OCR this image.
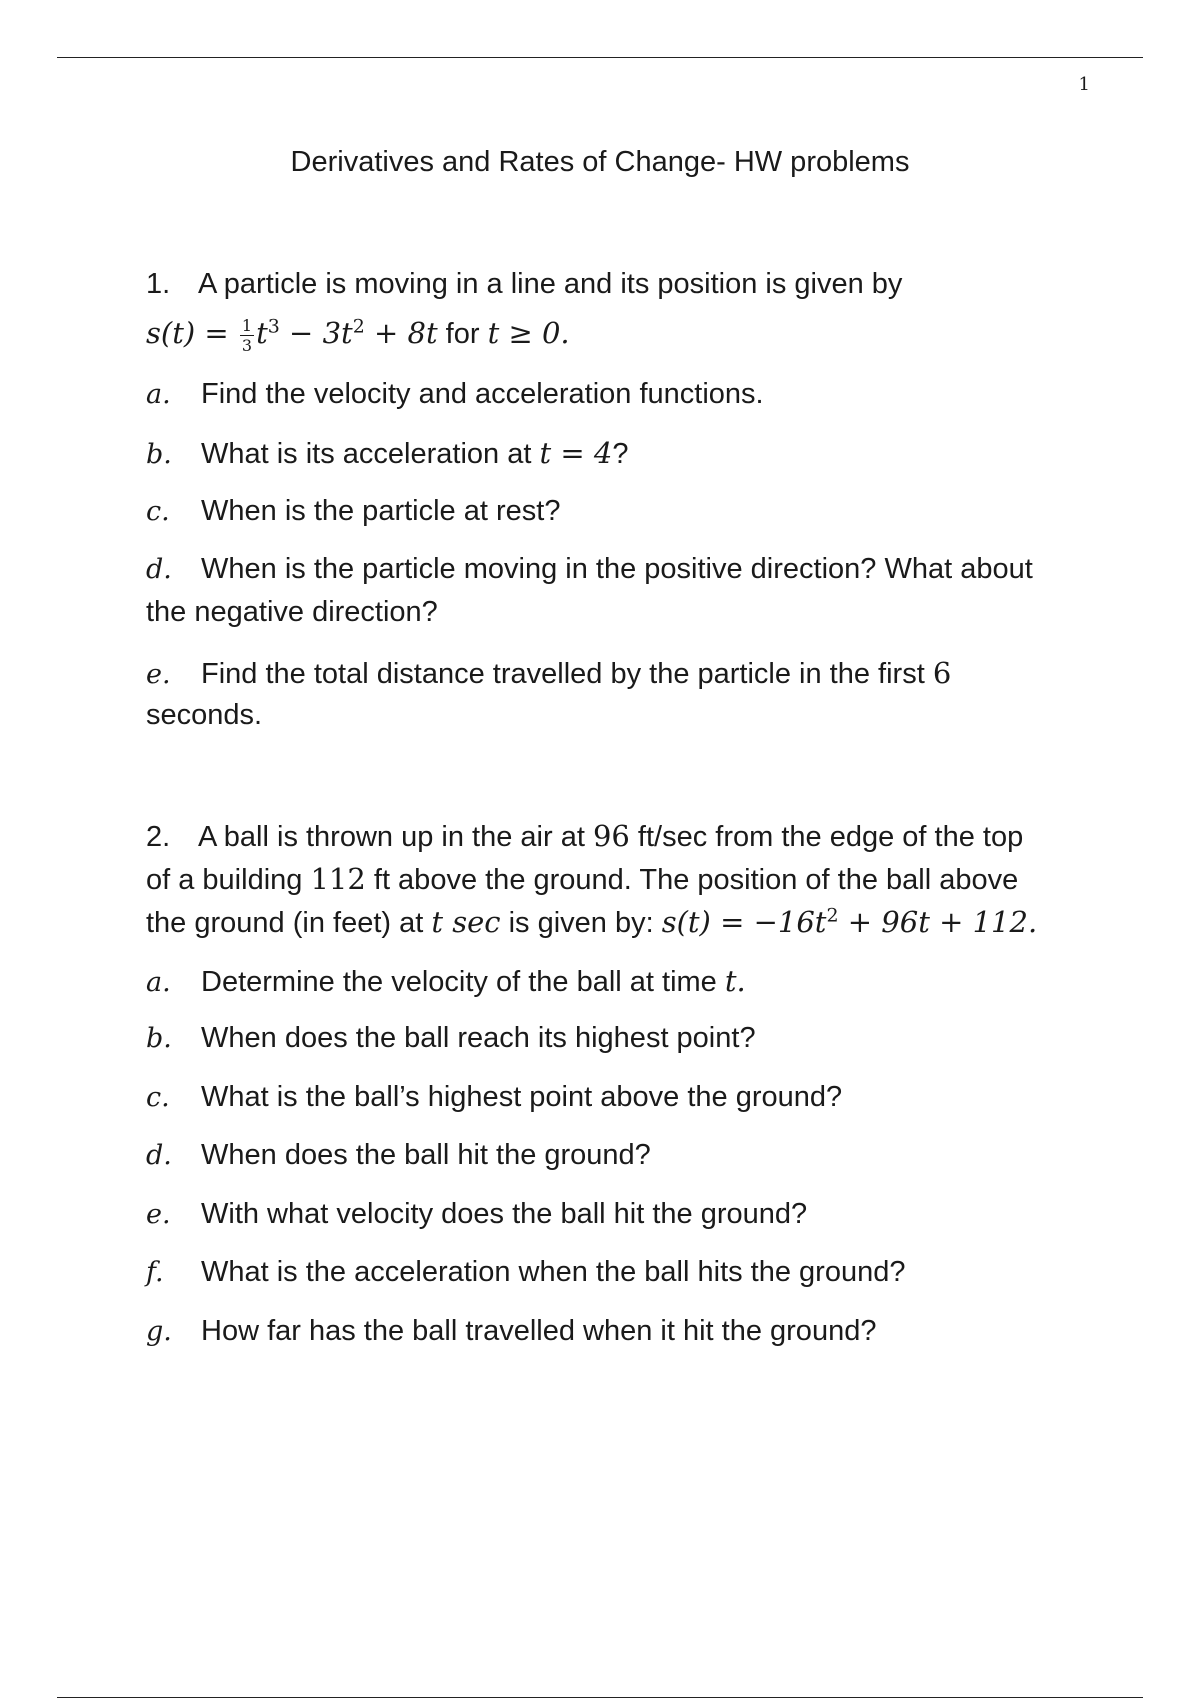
1
Derivatives and Rates of Change- HW problems
1. A particle is moving in a line and its position is given by
$s(t) = \frac{1}{3} t^3 - 3t^2 + 8t$ for t ≥ 0.
a. Find the velocity and acceleration functions.
b. What is its acceleration at t = 4?
c. When is the particle at rest?
d. When is the particle moving in the positive direction? What about
the negative direction?
e. Find the total distance travelled by the particle in the first 6
seconds.
2. A ball is thrown up in the air at 96 ft/sec from the edge of the top
of a building 112 ft above the ground. The position of the ball above
the ground (in feet) at t sec is given by: $s(t) = -16t^2 + 96t + 112$.
a. Determine the velocity of the ball at time t.
b. When does the ball reach its highest point?
c. What is the ball’s highest point above the ground?
d. When does the ball hit the ground?
e. With what velocity does the ball hit the ground?
f. What is the acceleration when the ball hits the ground?
g. How far has the ball travelled when it hit the ground?
